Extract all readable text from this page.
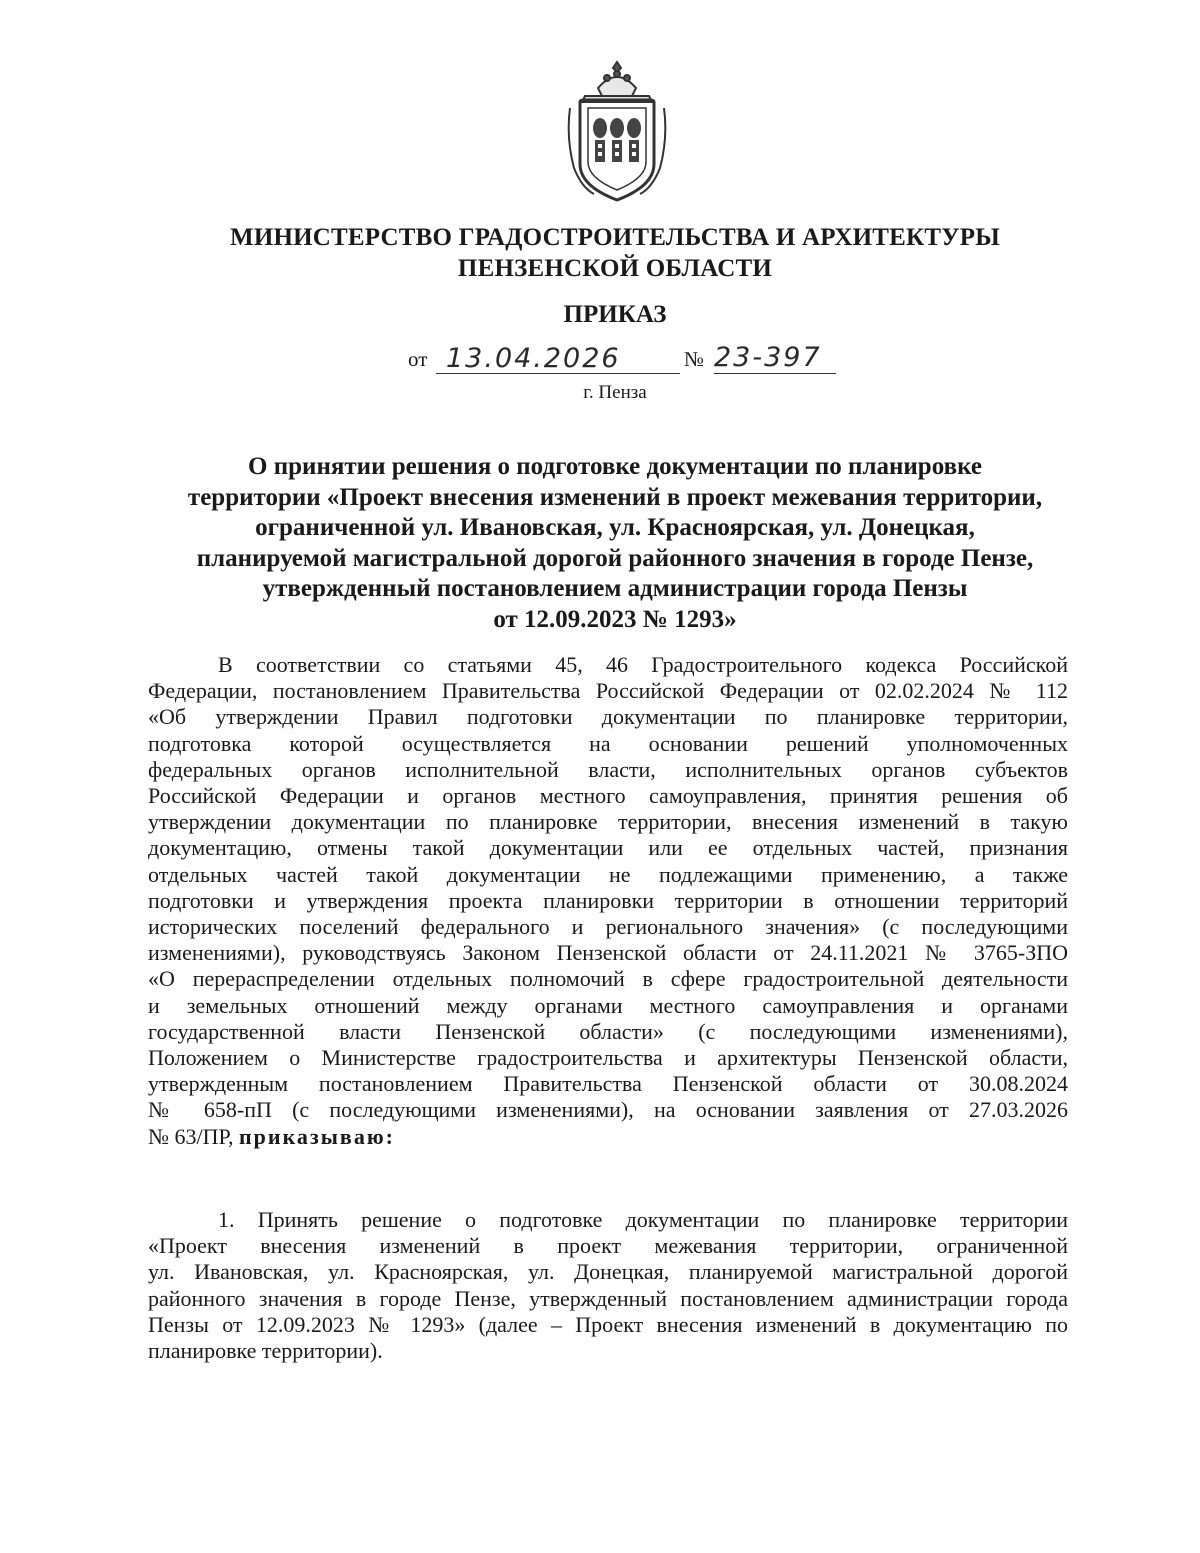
МИНИСТЕРСТВО ГРАДОСТРОИТЕЛЬСТВА И АРХИТЕКТУРЫ
ПЕНЗЕНСКОЙ ОБЛАСТИ
ПРИКАЗ
от 13.04.2026	№ 23-397
г. Пенза
О принятии решения о подготовке документации по планировке
территории «Проект внесения изменений в проект межевания территории,
ограниченной ул. Ивановская, ул. Красноярская, ул. Донецкая,
планируемой магистральной дорогой районного значения в городе Пензе,
утвержденный постановлением администрации города Пензы
от 12.09.2023 № 1293»
В соответствии со статьями 45, 46 Градостроительного кодекса Российской
Федерации, постановлением Правительства Российской Федерации от 02.02.2024 № 112
«Об утверждении Правил подготовки документации по планировке территории,
подготовка которой осуществляется на основании решений уполномоченных
федеральных органов исполнительной власти, исполнительных органов субъектов
Российской Федерации и органов местного самоуправления, принятия решения об
утверждении документации по планировке территории, внесения изменений в такую
документацию, отмены такой документации или ее отдельных частей, признания
отдельных частей такой документации не подлежащими применению, а также
подготовки и утверждения проекта планировки территории в отношении территорий
исторических поселений федерального и регионального значения» (с последующими
изменениями), руководствуясь Законом Пензенской области от 24.11.2021 № 3765-ЗПО
«О перераспределении отдельных полномочий в сфере градостроительной деятельности
и земельных отношений между органами местного самоуправления и органами
государственной власти Пензенской области» (с последующими изменениями),
Положением о Министерстве градостроительства и архитектуры Пензенской области,
утвержденным постановлением Правительства Пензенской области от 30.08.2024
№ 658-пП (с последующими изменениями), на основании заявления от 27.03.2026
№ 63/ПР, приказываю:
1. Принять решение о подготовке документации по планировке территории
«Проект внесения изменений в проект межевания территории, ограниченной
ул. Ивановская, ул. Красноярская, ул. Донецкая, планируемой магистральной дорогой
районного значения в городе Пензе, утвержденный постановлением администрации города
Пензы от 12.09.2023 № 1293» (далее – Проект внесения изменений в документацию по
планировке территории).
